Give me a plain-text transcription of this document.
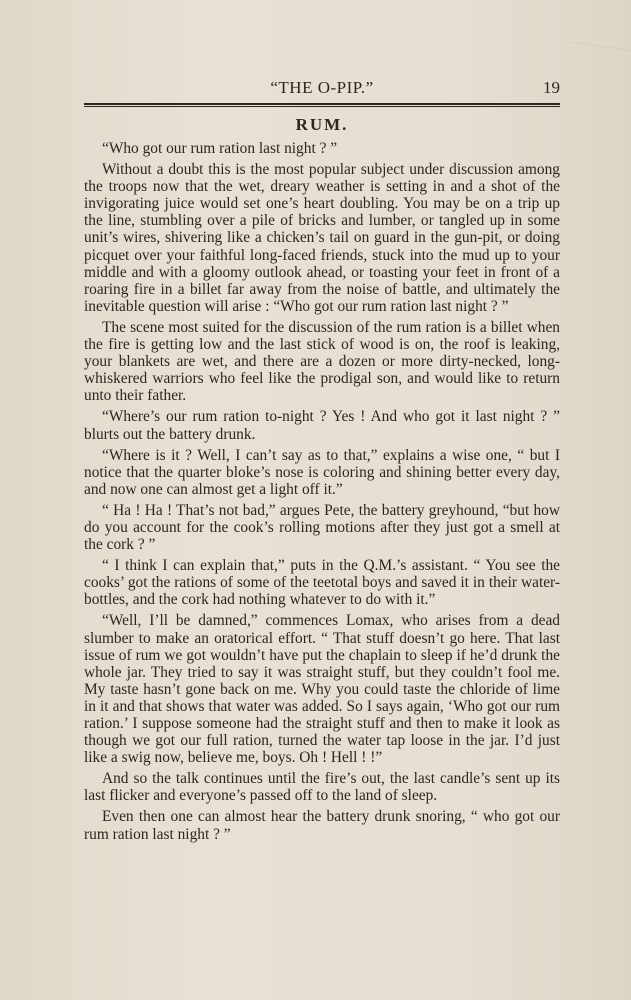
“THE O-PIP.”	19
RUM.

“Who got our rum ration last night ? ”

Without a doubt this is the most popular subject under discussion among the troops now that the wet, dreary weather is setting in and a shot of the invigorating juice would set one’s heart doubling. You may be on a trip up the line, stumbling over a pile of bricks and lumber, or tangled up in some unit’s wires, shivering like a chicken’s tail on guard in the gun-pit, or doing picquet over your faithful long-faced friends, stuck into the mud up to your middle and with a gloomy outlook ahead, or toasting your feet in front of a roaring fire in a billet far away from the noise of battle, and ultimately the inevitable question will arise : “Who got our rum ration last night ? ”

The scene most suited for the discussion of the rum ration is a billet when the fire is getting low and the last stick of wood is on, the roof is leaking, your blankets are wet, and there are a dozen or more dirty-necked, long-whiskered warriors who feel like the prodigal son, and would like to return unto their father.

“Where’s our rum ration to-night ? Yes ! And who got it last night ? ” blurts out the battery drunk.

“Where is it ? Well, I can’t say as to that,” explains a wise one, “ but I notice that the quarter bloke’s nose is coloring and shining better every day, and now one can almost get a light off it.”

“ Ha ! Ha ! That’s not bad,” argues Pete, the battery greyhound, “but how do you account for the cook’s rolling motions after they just got a smell at the cork ? ”

“ I think I can explain that,” puts in the Q.M.’s assistant. “ You see the cooks’ got the rations of some of the teetotal boys and saved it in their water-bottles, and the cork had nothing whatever to do with it.”

“Well, I’ll be damned,” commences Lomax, who arises from a dead slumber to make an oratorical effort. “ That stuff doesn’t go here. That last issue of rum we got wouldn’t have put the chaplain to sleep if he’d drunk the whole jar. They tried to say it was straight stuff, but they couldn’t fool me. My taste hasn’t gone back on me. Why you could taste the chloride of lime in it and that shows that water was added. So I says again, ‘Who got our rum ration.’ I suppose someone had the straight stuff and then to make it look as though we got our full ration, turned the water tap loose in the jar. I’d just like a swig now, believe me, boys. Oh ! Hell ! !”

And so the talk continues until the fire’s out, the last candle’s sent up its last flicker and everyone’s passed off to the land of sleep.

Even then one can almost hear the battery drunk snoring, “ who got our rum ration last night ? ”
